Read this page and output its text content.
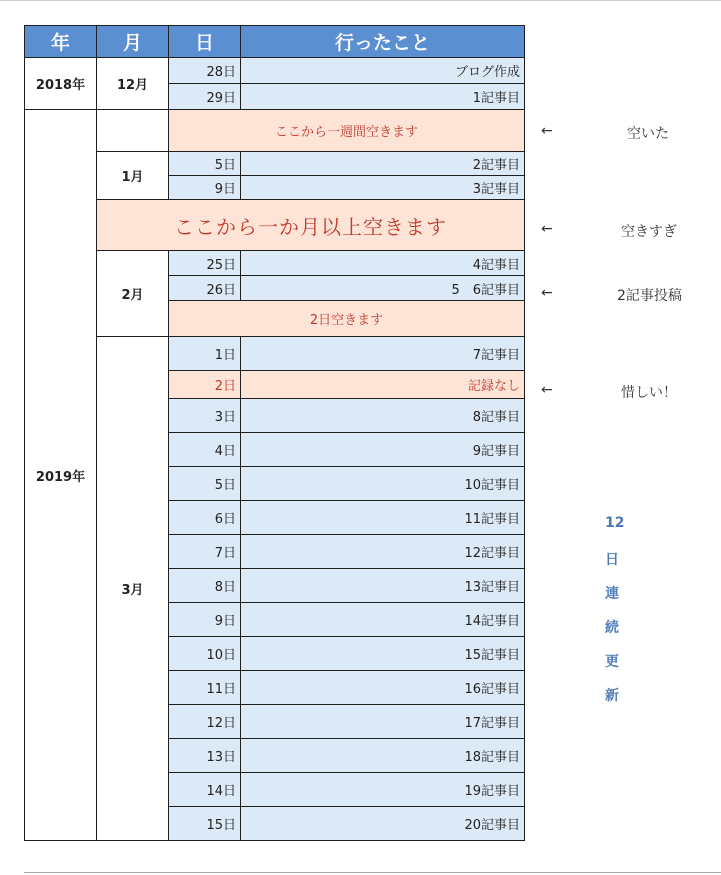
年	月	日	行ったこと
2018年	12月	28日	ブログ作成
		29日	1記事目
2019年		ここから一週間空きます	
	1月	5日	2記事目
		9日	3記事目
	ここから一か月以上空きます		
	2月	25日	4記事目
		26日	5　6記事目
		2日空きます	
	3月	1日	7記事目
		2日	記録なし
		3日	8記事目
		4日	9記事目
		5日	10記事目
		6日	11記事目
		7日	12記事目
		8日	13記事目
		9日	14記事目
		10日	15記事目
		11日	16記事目
		12日	17記事目
		13日	18記事目
		14日	19記事目
		15日	20記事目
←	空いた
←	空きすぎ
←	2記事投稿
←	惜しい！
12
日
連
続
更
新
